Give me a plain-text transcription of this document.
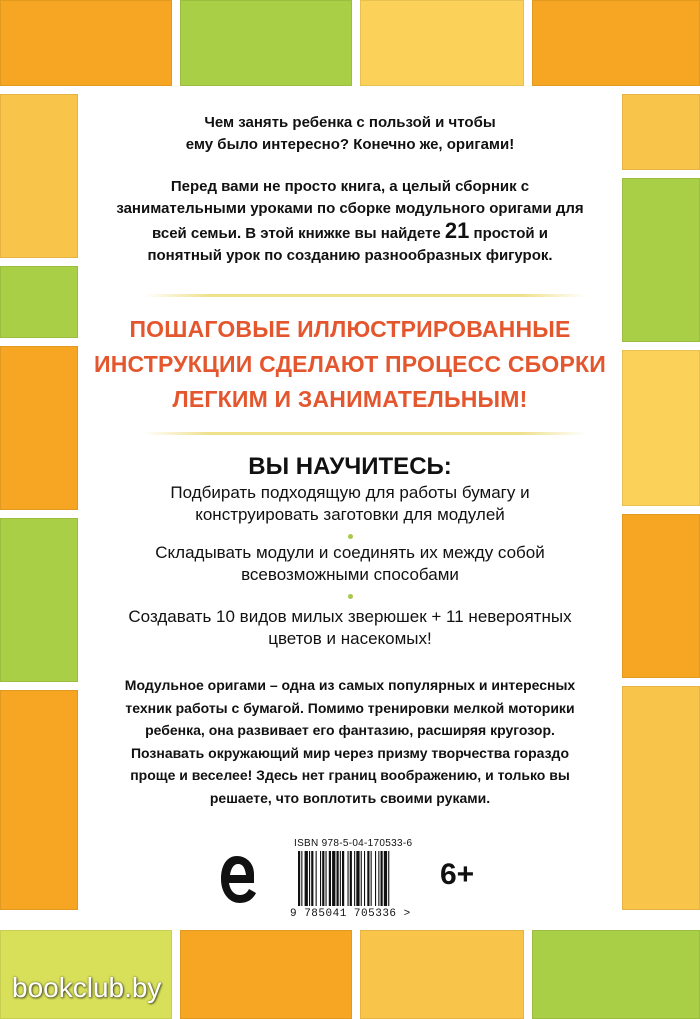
Чем занять ребенка с пользой и чтобы
ему было интересно? Конечно же, оригами!
Перед вами не просто книга, а целый сборник с
занимательными уроками по сборке модульного оригами для
всей семьи. В этой книжке вы найдете 21 простой и
понятный урок по созданию разнообразных фигурок.
ПОШАГОВЫЕ ИЛЛЮСТРИРОВАННЫЕ
ИНСТРУКЦИИ СДЕЛАЮТ ПРОЦЕСС СБОРКИ
ЛЕГКИМ И ЗАНИМАТЕЛЬНЫМ!
ВЫ НАУЧИТЕСЬ:
Подбирать подходящую для работы бумагу и
конструировать заготовки для модулей
Складывать модули и соединять их между собой
всевозможными способами
Создавать 10 видов милых зверюшек + 11 невероятных
цветов и насекомых!
Модульное оригами – одна из самых популярных и интересных
техник работы с бумагой. Помимо тренировки мелкой моторики
ребенка, она развивает его фантазию, расширяя кругозор.
Познавать окружающий мир через призму творчества гораздо
проще и веселее! Здесь нет границ воображению, и только вы
решаете, что воплотить своими руками.
ISBN 978-5-04-170533-6
9 785041 705336 >
6+
bookclub.by
